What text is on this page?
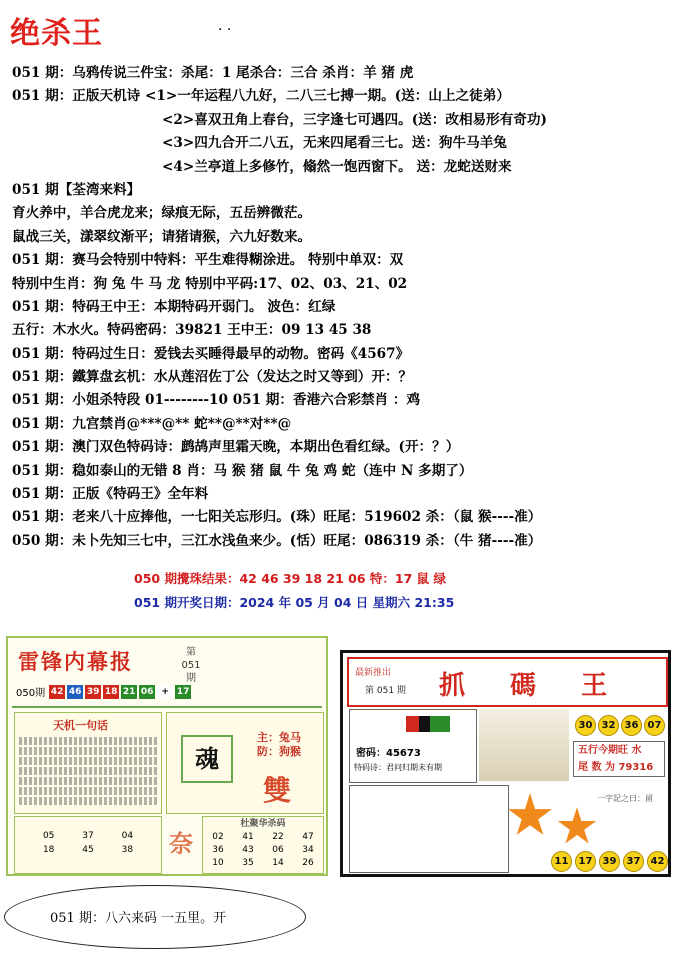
绝杀王	. .
051 期：乌鸦传说三件宝：杀尾：1 尾杀合：三合 杀肖：羊 猪 虎
051 期：正版天机诗 <1>一年运程八九好，二八三七搏一期。(送：山上之徒弟）
<2>喜双丑角上春台，三字逢七可遇四。(送：改相易形有奇功)
<3>四九合开二八五，无来四尾看三七。送：狗牛马羊兔
<4>兰亭道上多修竹，翛然一饱西窗下。 送：龙蛇送财来
051 期【荃湾来料】
育火养中，羊合虎龙来；绿痕无际，五岳辨微茫。
鼠战三关，漾翠纹渐平；请猪请猴，六九好数来。
051 期：赛马会特别中特料：平生难得糊涂进。 特别中单双：双
特别中生肖：狗 兔 牛 马 龙 特别中平码:17、02、03、21、02
051 期：特码王中王：本期特码开弱门。 波色：红绿
五行：木水火。特码密码：39821 王中王：09 13 45 38
051 期：特码过生日：爱钱去买睡得最早的动物。密码《4567》
051 期：鐵算盘玄机：水从莲沼佐丁公（发达之时又等到）开：？
051 期：小姐杀特段 01--------10 051 期：香港六合彩禁肖 ：鸡
051 期：九宫禁肖@***@** 蛇**@**对**@
051 期：澳门双色特码诗：鹧鸪声里霜天晚，本期出色看红绿。(开：？）
051 期：稳如泰山的无错 8 肖：马 猴 猪 鼠 牛 兔 鸡 蛇（连中 N 多期了）
051 期：正版《特码王》全年料
051 期：老来八十应捧他，一七阳关忘形归。(珠）旺尾：519602 杀：（鼠 猴----准）
050 期：未卜先知三七中，三江水浅鱼来少。(恬）旺尾：086319 杀：（牛 猪----准）
050 期攪珠结果：42 46 39 18 21 06 特：17 鼠 绿
051 期开奖日期：2024 年 05 月 04 日 星期六 21:35
雷锋内幕报	第 051 期
050期 42 46 39 18 21 06 + 17
天机一句话
魂
主：兔马
防：狗猴
雙
05	37	04
18	45	38 奈
杜聚华杀码
02 41 22 47
36 43 06 34
10 35 14 26
最新推出
第 051 期 抓 碼 王
密码：45673
特码诗：君问归期未有期
30 32 36 07
五行今期旺 水
尾 数 为 79316
一字記之曰：留
11	17	39	37	42
051 期：八六来码 一五里。开
